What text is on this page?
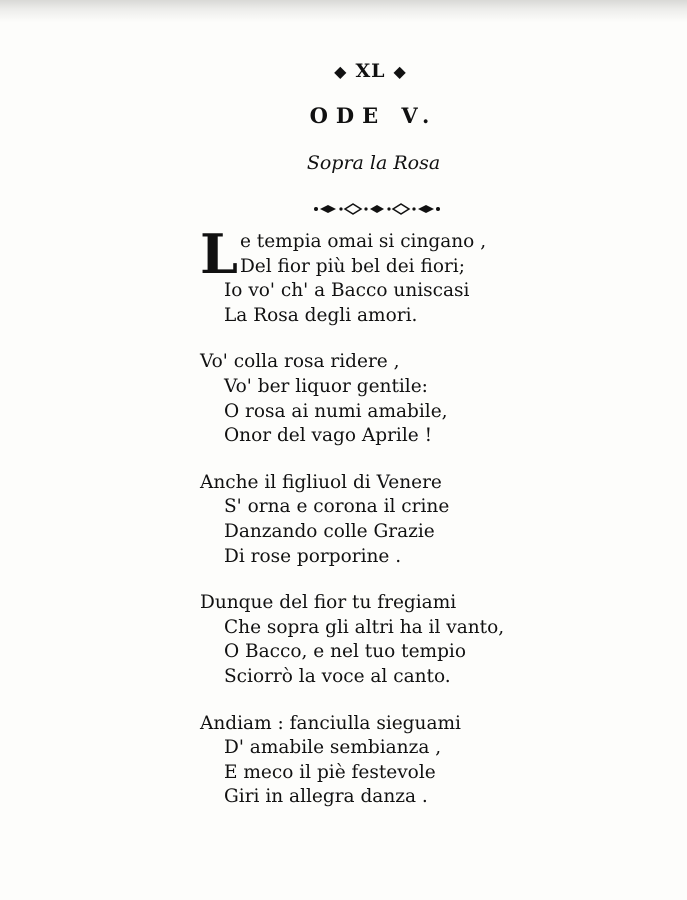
◆ XL ◆
ODE V.
Sopra la Rosa
L e tempia omai si cingano ,
Del fior più bel dei fiori;
Io vo' ch' a Bacco uniscasi
La Rosa degli amori.
Vo' colla rosa ridere ,
Vo' ber liquor gentile:
O rosa ai numi amabile,
Onor del vago Aprile !
Anche il figliuol di Venere
S' orna e corona il crine
Danzando colle Grazie
Di rose porporine .
Dunque del fior tu fregiami
Che sopra gli altri ha il vanto,
O Bacco, e nel tuo tempio
Sciorrò la voce al canto.
Andiam : fanciulla sieguami
D' amabile sembianza ,
E meco il piè festevole
Giri in allegra danza .
